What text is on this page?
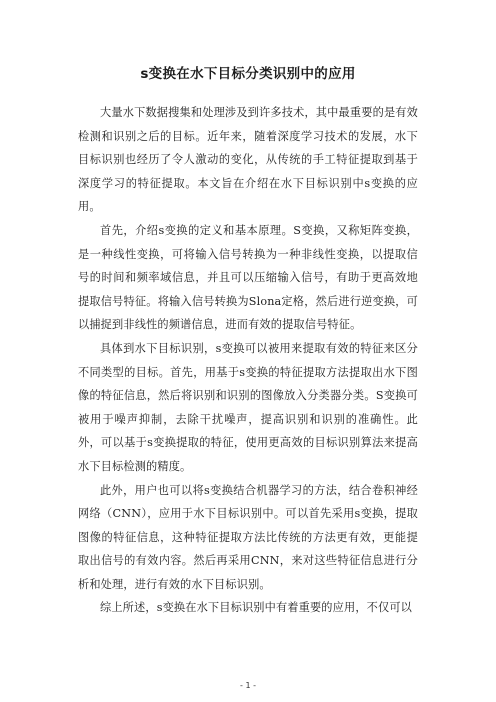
s变换在水下目标分类识别中的应用

大量水下数据搜集和处理涉及到许多技术，其中最重要的是有效检测和识别之后的目标。近年来，随着深度学习技术的发展，水下目标识别也经历了令人激动的变化，从传统的手工特征提取到基于深度学习的特征提取。本文旨在介绍在水下目标识别中s变换的应用。

首先，介绍s变换的定义和基本原理。S变换，又称矩阵变换，是一种线性变换，可将输入信号转换为一种非线性变换，以提取信号的时间和频率域信息，并且可以压缩输入信号，有助于更高效地提取信号特征。将输入信号转换为Slona定格，然后进行逆变换，可以捕捉到非线性的频谱信息，进而有效的提取信号特征。

具体到水下目标识别，s变换可以被用来提取有效的特征来区分不同类型的目标。首先，用基于s变换的特征提取方法提取出水下图像的特征信息，然后将识别和识别的图像放入分类器分类。S变换可被用于噪声抑制，去除干扰噪声，提高识别和识别的准确性。此外，可以基于s变换提取的特征，使用更高效的目标识别算法来提高水下目标检测的精度。

此外，用户也可以将s变换结合机器学习的方法，结合卷积神经网络（CNN），应用于水下目标识别中。可以首先采用s变换，提取图像的特征信息，这种特征提取方法比传统的方法更有效，更能提取出信号的有效内容。然后再采用CNN，来对这些特征信息进行分析和处理，进行有效的水下目标识别。

综上所述，s变换在水下目标识别中有着重要的应用，不仅可以

- 1 -
